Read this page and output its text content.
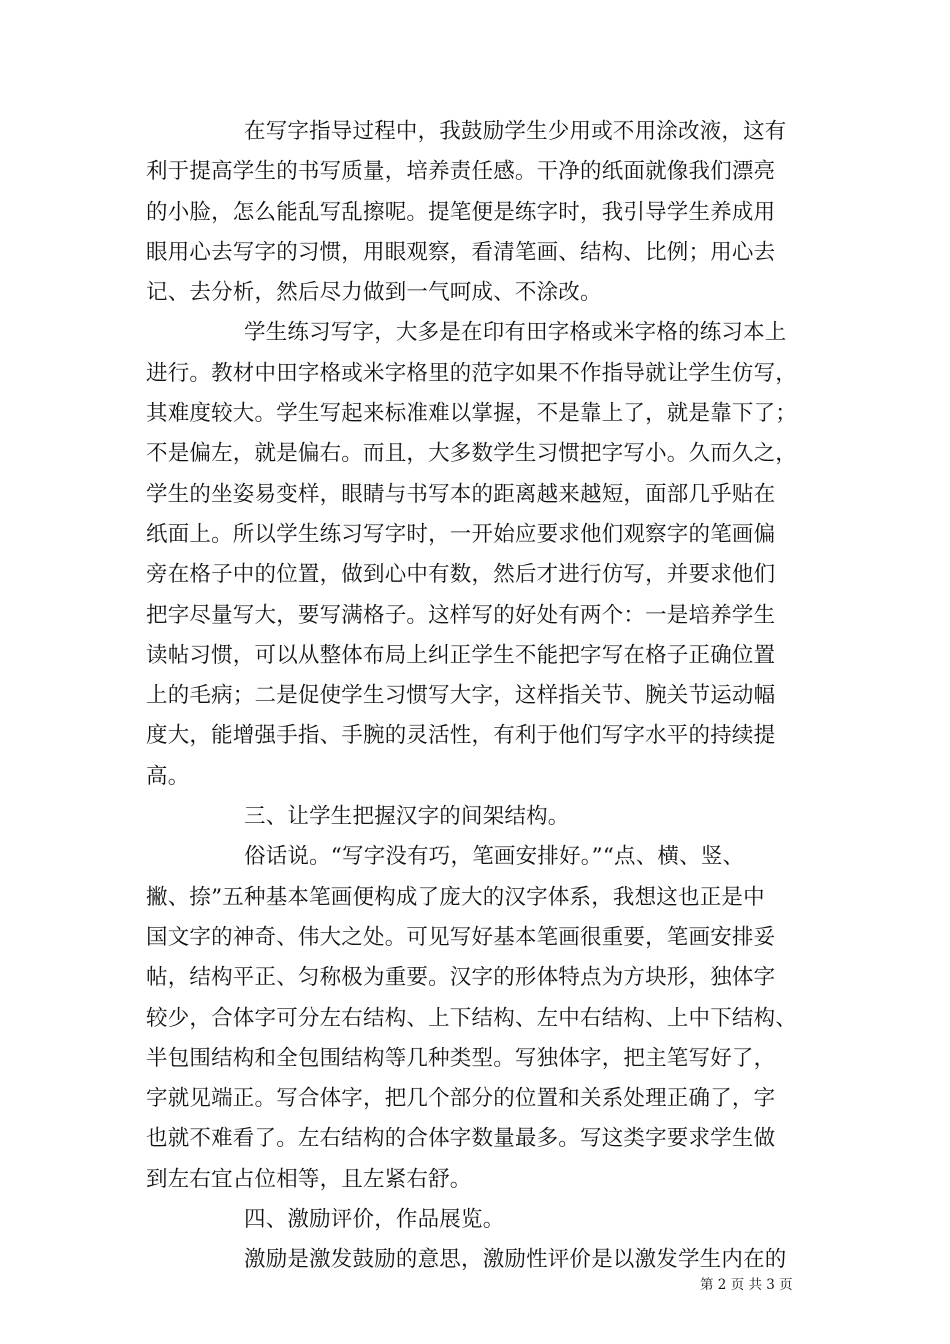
在写字指导过程中，我鼓励学生少用或不用涂改液，这有
利于提高学生的书写质量，培养责任感。干净的纸面就像我们漂亮
的小脸，怎么能乱写乱擦呢。提笔便是练字时，我引导学生养成用
眼用心去写字的习惯，用眼观察，看清笔画、结构、比例；用心去
记、去分析，然后尽力做到一气呵成、不涂改。
学生练习写字，大多是在印有田字格或米字格的练习本上
进行。教材中田字格或米字格里的范字如果不作指导就让学生仿写，
其难度较大。学生写起来标准难以掌握，不是靠上了，就是靠下了；
不是偏左，就是偏右。而且，大多数学生习惯把字写小。久而久之，
学生的坐姿易变样，眼睛与书写本的距离越来越短，面部几乎贴在
纸面上。所以学生练习写字时，一开始应要求他们观察字的笔画偏
旁在格子中的位置，做到心中有数，然后才进行仿写，并要求他们
把字尽量写大，要写满格子。这样写的好处有两个：一是培养学生
读帖习惯，可以从整体布局上纠正学生不能把字写在格子正确位置
上的毛病；二是促使学生习惯写大字，这样指关节、腕关节运动幅
度大，能增强手指、手腕的灵活性，有利于他们写字水平的持续提
高。
三、让学生把握汉字的间架结构。
俗话说。“写字没有巧，笔画安排好。”“点、横、竖、
撇、捺”五种基本笔画便构成了庞大的汉字体系，我想这也正是中
国文字的神奇、伟大之处。可见写好基本笔画很重要，笔画安排妥
帖，结构平正、匀称极为重要。汉字的形体特点为方块形，独体字
较少，合体字可分左右结构、上下结构、左中右结构、上中下结构、
半包围结构和全包围结构等几种类型。写独体字，把主笔写好了，
字就见端正。写合体字，把几个部分的位置和关系处理正确了，字
也就不难看了。左右结构的合体字数量最多。写这类字要求学生做
到左右宜占位相等，且左紧右舒。
四、激励评价，作品展览。
激励是激发鼓励的意思，激励性评价是以激发学生内在的
第 2 页 共 3 页
